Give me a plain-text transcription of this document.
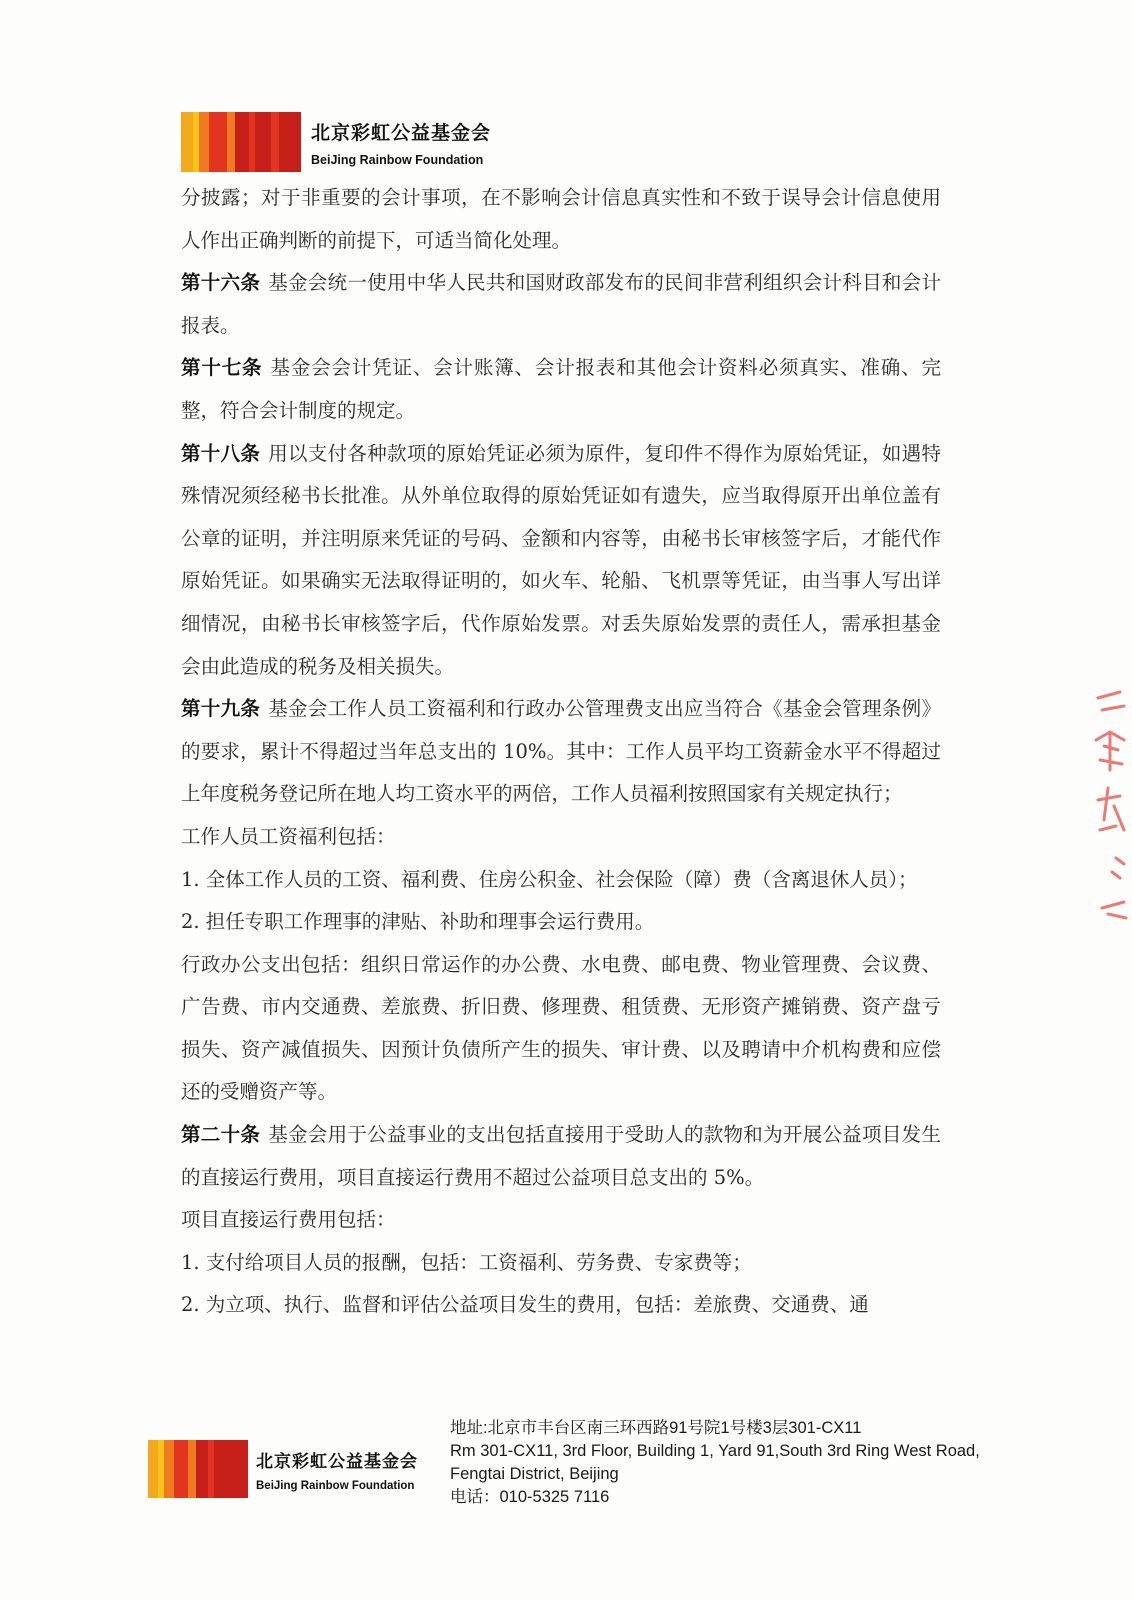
北京彩虹公益基金会
BeiJing Rainbow Foundation

分披露；对于非重要的会计事项，在不影响会计信息真实性和不致于误导会计信息使用人作出正确判断的前提下，可适当简化处理。

第十六条 基金会统一使用中华人民共和国财政部发布的民间非营利组织会计科目和会计报表。

第十七条 基金会会计凭证、会计账簿、会计报表和其他会计资料必须真实、准确、完整，符合会计制度的规定。

第十八条 用以支付各种款项的原始凭证必须为原件，复印件不得作为原始凭证，如遇特殊情况须经秘书长批准。从外单位取得的原始凭证如有遗失，应当取得原开出单位盖有公章的证明，并注明原来凭证的号码、金额和内容等，由秘书长审核签字后，才能代作原始凭证。如果确实无法取得证明的，如火车、轮船、飞机票等凭证，由当事人写出详细情况，由秘书长审核签字后，代作原始发票。对丢失原始发票的责任人，需承担基金会由此造成的税务及相关损失。

第十九条 基金会工作人员工资福利和行政办公管理费支出应当符合《基金会管理条例》的要求，累计不得超过当年总支出的 10%。其中：工作人员平均工资薪金水平不得超过上年度税务登记所在地人均工资水平的两倍，工作人员福利按照国家有关规定执行；

工作人员工资福利包括：

1. 全体工作人员的工资、福利费、住房公积金、社会保险（障）费（含离退休人员）；

2. 担任专职工作理事的津贴、补助和理事会运行费用。

行政办公支出包括：组织日常运作的办公费、水电费、邮电费、物业管理费、会议费、广告费、市内交通费、差旅费、折旧费、修理费、租赁费、无形资产摊销费、资产盘亏损失、资产减值损失、因预计负债所产生的损失、审计费、以及聘请中介机构费和应偿还的受赠资产等。

第二十条 基金会用于公益事业的支出包括直接用于受助人的款物和为开展公益项目发生的直接运行费用，项目直接运行费用不超过公益项目总支出的 5%。

项目直接运行费用包括：

1. 支付给项目人员的报酬，包括：工资福利、劳务费、专家费等；

2. 为立项、执行、监督和评估公益项目发生的费用，包括：差旅费、交通费、通

北京彩虹公益基金会
BeiJing Rainbow Foundation
地址:北京市丰台区南三环西路91号院1号楼3层301-CX11
Rm 301-CX11, 3rd Floor, Building 1, Yard 91,South 3rd Ring West Road,
Fengtai District, Beijing
电话：010-5325 7116
